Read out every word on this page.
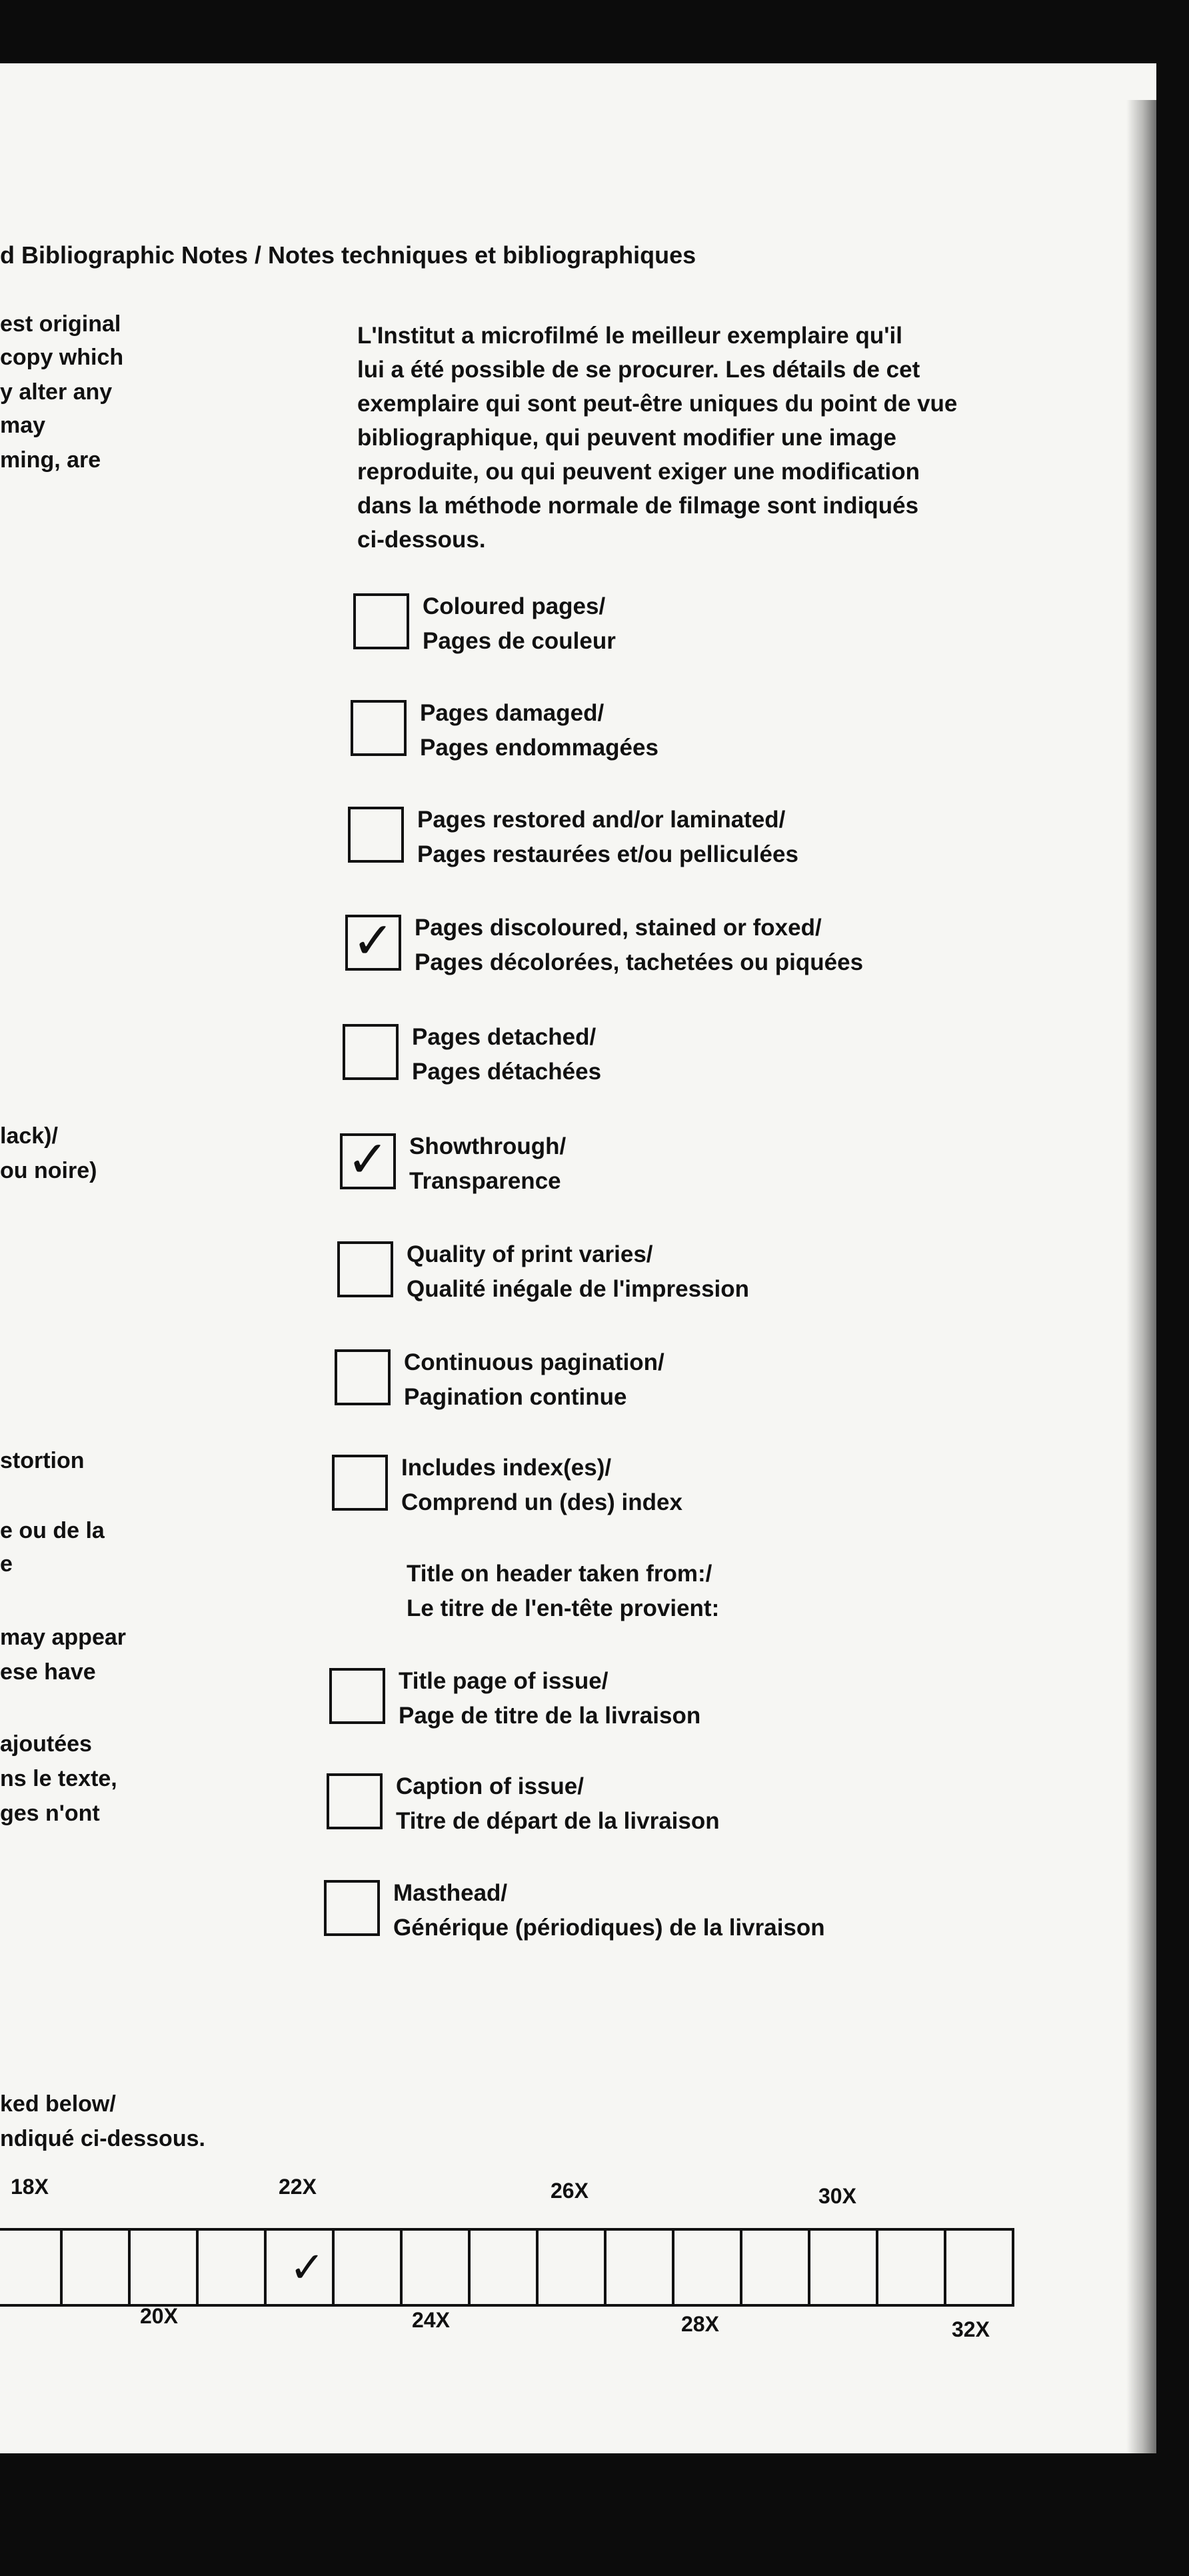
d Bibliographic Notes / Notes techniques et bibliographiques
est original
copy which
y alter any
may
ming, are
lack)/
ou noire)
stortion
e ou de la
e
may appear
ese have
ajoutées
ns le texte,
ges n'ont

L'Institut a microfilmé le meilleur exemplaire qu'il

lui a été possible de se procurer. Les détails de cet

exemplaire qui sont peut-être uniques du point de vue

bibliographique, qui peuvent modifier une image

reproduite, ou qui peuvent exiger une modification

dans la méthode normale de filmage sont indiqués

ci-dessous.

Coloured pages/
Pages de couleur
Pages damaged/
Pages endommagées
Pages restored and/or laminated/
Pages restaurées et/ou pelliculées
✓ Pages discoloured, stained or foxed/
Pages décolorées, tachetées ou piquées
Pages detached/
Pages détachées
✓ Showthrough/
Transparence
Quality of print varies/
Qualité inégale de l'impression
Continuous pagination/
Pagination continue
Includes index(es)/
Comprend un (des) index
Title on header taken from:/
Le titre de l'en-tête provient:
Title page of issue/
Page de titre de la livraison
Caption of issue/
Titre de départ de la livraison
Masthead/
Générique (périodiques) de la livraison
ked below/
ndiqué ci-dessous.
✓
18X	22X	26X	30X
20X	24X	28X	32X
